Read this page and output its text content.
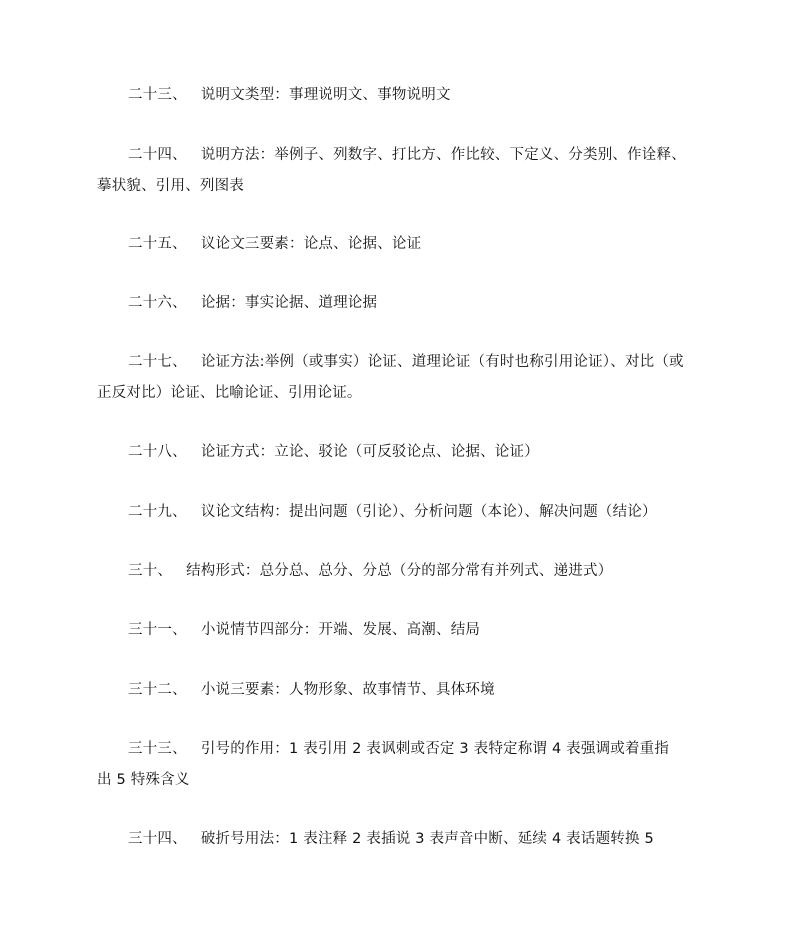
二十三、 说明文类型：事理说明文、事物说明文
二十四、 说明方法：举例子、列数字、打比方、作比较、下定义、分类别、作诠释、
摹状貌、引用、列图表
二十五、 议论文三要素：论点、论据、论证
二十六、 论据：事实论据、道理论据
二十七、 论证方法:举例（或事实）论证、道理论证（有时也称引用论证）、对比（或
正反对比）论证、比喻论证、引用论证。
二十八、 论证方式：立论、驳论（可反驳论点、论据、论证）
二十九、 议论文结构：提出问题（引论）、分析问题（本论）、解决问题（结论）
三十、 结构形式：总分总、总分、分总（分的部分常有并列式、递进式）
三十一、 小说情节四部分：开端、发展、高潮、结局
三十二、 小说三要素：人物形象、故事情节、具体环境
三十三、 引号的作用：1 表引用 2 表讽刺或否定 3 表特定称谓 4 表强调或着重指
出 5 特殊含义
三十四、 破折号用法：1 表注释 2 表插说 3 表声音中断、延续 4 表话题转换 5
